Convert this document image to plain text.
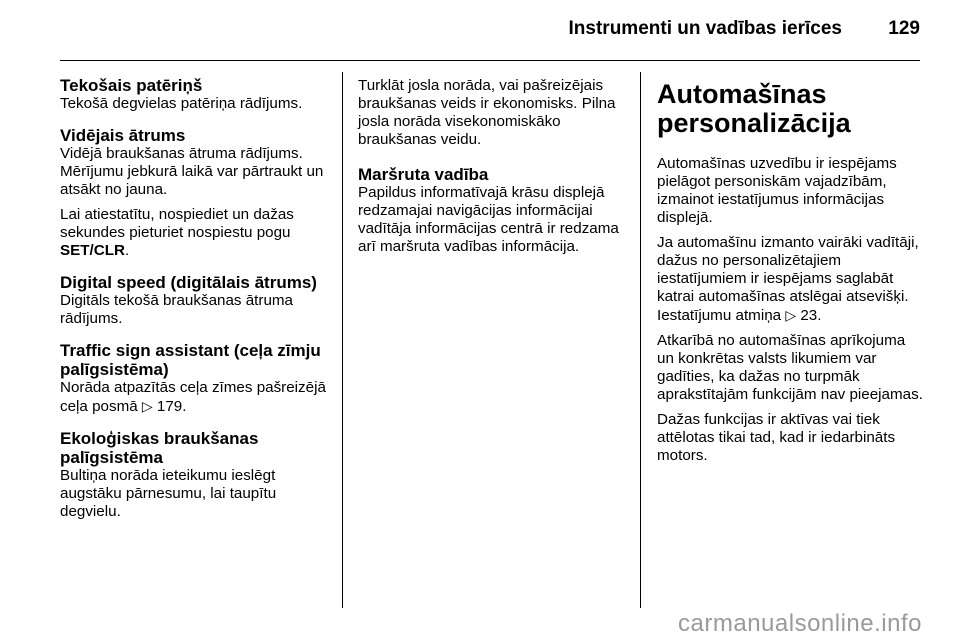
Instrumenti un vadības ierīces 129

Tekošais patēriņš

Tekošā degvielas patēriņa rādījums.

Vidējais ātrums

Vidējā braukšanas ātruma rādījums. Mērījumu jebkurā laikā var pārtraukt un atsākt no jauna.

Lai atiestatītu, nospiediet un dažas sekundes pieturiet nospiestu pogu
SET/CLR.

Digital speed (digitālais ātrums)

Digitāls tekošā braukšanas ātruma rādījums.

Traffic sign assistant (ceļa zīmju palīgsistēma)

Norāda atpazītās ceļa zīmes pašreizējā ceļa posmā ▷ 179.

Ekoloģiskas braukšanas palīgsistēma

Bultiņa norāda ieteikumu ieslēgt augstāku pārnesumu, lai taupītu degvielu.

Turklāt josla norāda, vai pašreizējais braukšanas veids ir ekonomisks. Pilna josla norāda visekonomiskāko braukšanas veidu.

Maršruta vadība

Papildus informatīvajā krāsu displejā redzamajai navigācijas informācijai vadītāja informācijas centrā ir redzama arī maršruta vadības informācija.

Automašīnas personalizācija

Automašīnas uzvedību ir iespējams pielāgot personiskām vajadzībām, izmainot iestatījumus informācijas displejā.

Ja automašīnu izmanto vairāki vadītāji, dažus no personalizētajiem iestatījumiem ir iespējams saglabāt katrai automašīnas atslēgai atsevišķi. Iestatījumu atmiņa ▷ 23.

Atkarībā no automašīnas aprīkojuma un konkrētas valsts likumiem var gadīties, ka dažas no turpmāk aprakstītajām funkcijām nav pieejamas.

Dažas funkcijas ir aktīvas vai tiek attēlotas tikai tad, kad ir iedarbināts motors.

carmanualsonline.info
